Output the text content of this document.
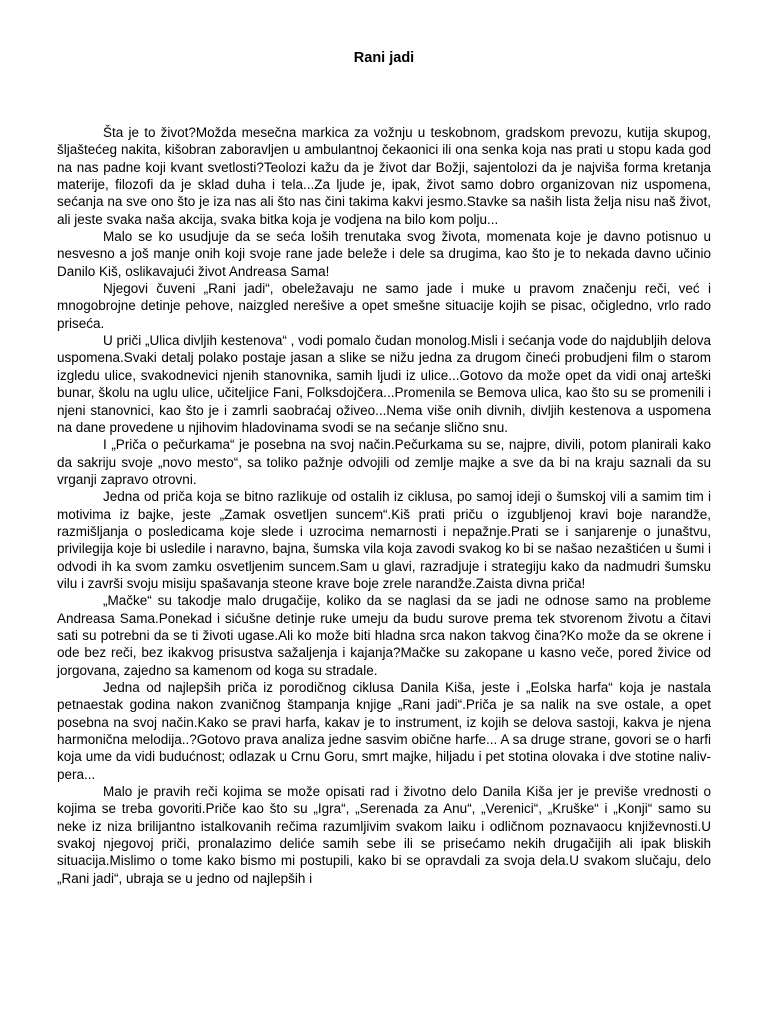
Rani jadi

Šta je to život?Možda mesečna markica za vožnju u teskobnom, gradskom prevozu, kutija skupog, šljaštećeg nakita, kišobran zaboravljen u ambulantnoj čekaonici ili ona senka koja nas prati u stopu kada god na nas padne koji kvant svetlosti?Teolozi kažu da je život dar Božji, sajentolozi da je najviša forma kretanja materije, filozofi da je sklad duha i tela...Za ljude je, ipak, život samo dobro organizovan niz uspomena, sećanja na sve ono što je iza nas ali što nas čini takima kakvi jesmo.Stavke sa naših lista želja nisu naš život, ali jeste svaka naša akcija, svaka bitka koja je vodjena na bilo kom polju...

Malo se ko usudjuje da se seća loših trenutaka svog života, momenata koje je davno potisnuo u nesvesno a još manje onih koji svoje rane jade beleže i dele sa drugima, kao što je to nekada davno učinio Danilo Kiš, oslikavajući život Andreasa Sama!

Njegovi čuveni „Rani jadi“, obeležavaju ne samo jade i muke u pravom značenju reči, već i mnogobrojne detinje pehove, naizgled nerešive a opet smešne situacije kojih se pisac, očigledno, vrlo rado priseća.

U priči „Ulica divljih kestenova“ , vodi pomalo čudan monolog.Misli i sećanja vode do najdubljih delova uspomena.Svaki detalj polako postaje jasan a slike se nižu jedna za drugom čineći probudjeni film o starom izgledu ulice, svakodnevici njenih stanovnika, samih ljudi iz ulice...Gotovo da može opet da vidi onaj arteški bunar, školu na uglu ulice, učiteljice Fani, Folksdojčera...Promenila se Bemova ulica, kao što su se promenili i njeni stanovnici, kao što je i zamrli saobraćaj oživeo...Nema više onih divnih, divljih kestenova a uspomena na dane provedene u njihovim hladovinama svodi se na sećanje slično snu.

I „Priča o pečurkama“ je posebna na svoj način.Pečurkama su se, najpre, divili, potom planirali kako da sakriju svoje „novo mesto“, sa toliko pažnje odvojili od zemlje majke a sve da bi na kraju saznali da su vrganji zapravo otrovni.

Jedna od priča koja se bitno razlikuje od ostalih iz ciklusa, po samoj ideji o šumskoj vili a samim tim i motivima iz bajke, jeste „Zamak osvetljen suncem“.Kiš prati priču o izgubljenoj kravi boje narandže, razmišljanja o posledicama koje slede i uzrocima nemarnosti i nepažnje.Prati se i sanjarenje o junaštvu, privilegija koje bi usledile i naravno, bajna, šumska vila koja zavodi svakog ko bi se našao nezaštićen u šumi i odvodi ih ka svom zamku osvetljenim suncem.Sam u glavi, razradjuje i strategiju kako da nadmudri šumsku vilu i završi svoju misiju spašavanja steone krave boje zrele narandže.Zaista divna priča!

„Mačke“ su takodje malo drugačije, koliko da se naglasi da se jadi ne odnose samo na probleme Andreasa Sama.Ponekad i sićušne detinje ruke umeju da budu surove prema tek stvorenom životu a čitavi sati su potrebni da se ti životi ugase.Ali ko može biti hladna srca nakon takvog čina?Ko može da se okrene i ode bez reči, bez ikakvog prisustva sažaljenja i kajanja?Mačke su zakopane u kasno veče, pored živice od jorgovana, zajedno sa kamenom od koga su stradale.

Jedna od najlepših priča iz porodičnog ciklusa Danila Kiša, jeste i „Eolska harfa“ koja je nastala petnaestak godina nakon zvaničnog štampanja knjige „Rani jadi“.Priča je sa nalik na sve ostale, a opet posebna na svoj način.Kako se pravi harfa, kakav je to instrument, iz kojih se delova sastoji, kakva je njena harmonična melodija..?Gotovo prava analiza jedne sasvim obične harfe... A sa druge strane, govori se o harfi koja ume da vidi budućnost; odlazak u Crnu Goru, smrt majke, hiljadu i pet stotina olovaka i dve stotine naliv-pera...

Malo je pravih reči kojima se može opisati rad i životno delo Danila Kiša jer je previše vrednosti o kojima se treba govoriti.Priče kao što su „Igra“, „Serenada za Anu“, „Verenici“, „Kruške“ i „Konji“ samo su neke iz niza brilijantno istalkovanih rečima razumljivim svakom laiku i odličnom poznavaocu književnosti.U svakoj njegovoj priči, pronalazimo deliće samih sebe ili se prisećamo nekih drugačijih ali ipak bliskih situacija.Mislimo o tome kako bismo mi postupili, kako bi se opravdali za svoja dela.U svakom slučaju, delo „Rani jadi“, ubraja se u jedno od najlepših i
